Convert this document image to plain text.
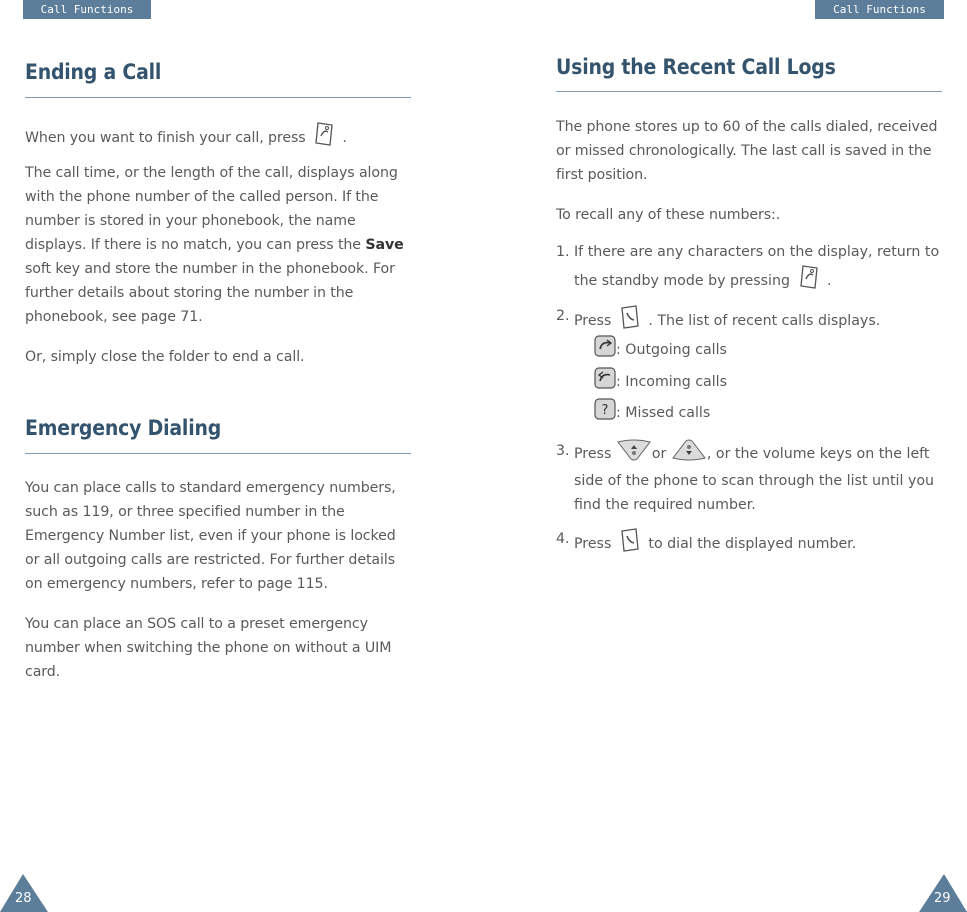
Call Functions	Call Functions
Ending a Call
When you want to finish your call, press	.
The call time, or the length of the call, displays along with the phone number of the called person. If the number is stored in your phonebook, the name displays. If there is no match, you can press the Save soft key and store the number in the phonebook. For further details about storing the number in the phonebook, see page 71.
Or, simply close the folder to end a call.
Emergency Dialing
You can place calls to standard emergency numbers, such as 119, or three specified number in the Emergency Number list, even if your phone is locked or all outgoing calls are restricted. For further details on emergency numbers, refer to page 115.
You can place an SOS call to a preset emergency number when switching the phone on without a UIM card.
Using the Recent Call Logs
The phone stores up to 60 of the calls dialed, received or missed chronologically. The last call is saved in the first position.
To recall any of these numbers:.
1. If there are any characters on the display, return to the standby mode by pressing	.
2. Press	. The list of recent calls displays.
: Outgoing calls
: Incoming calls
? : Missed calls
3. Press	or	, or the volume keys on the left side of the phone to scan through the list until you find the required number.
4. Press	to dial the displayed number.
28	29
